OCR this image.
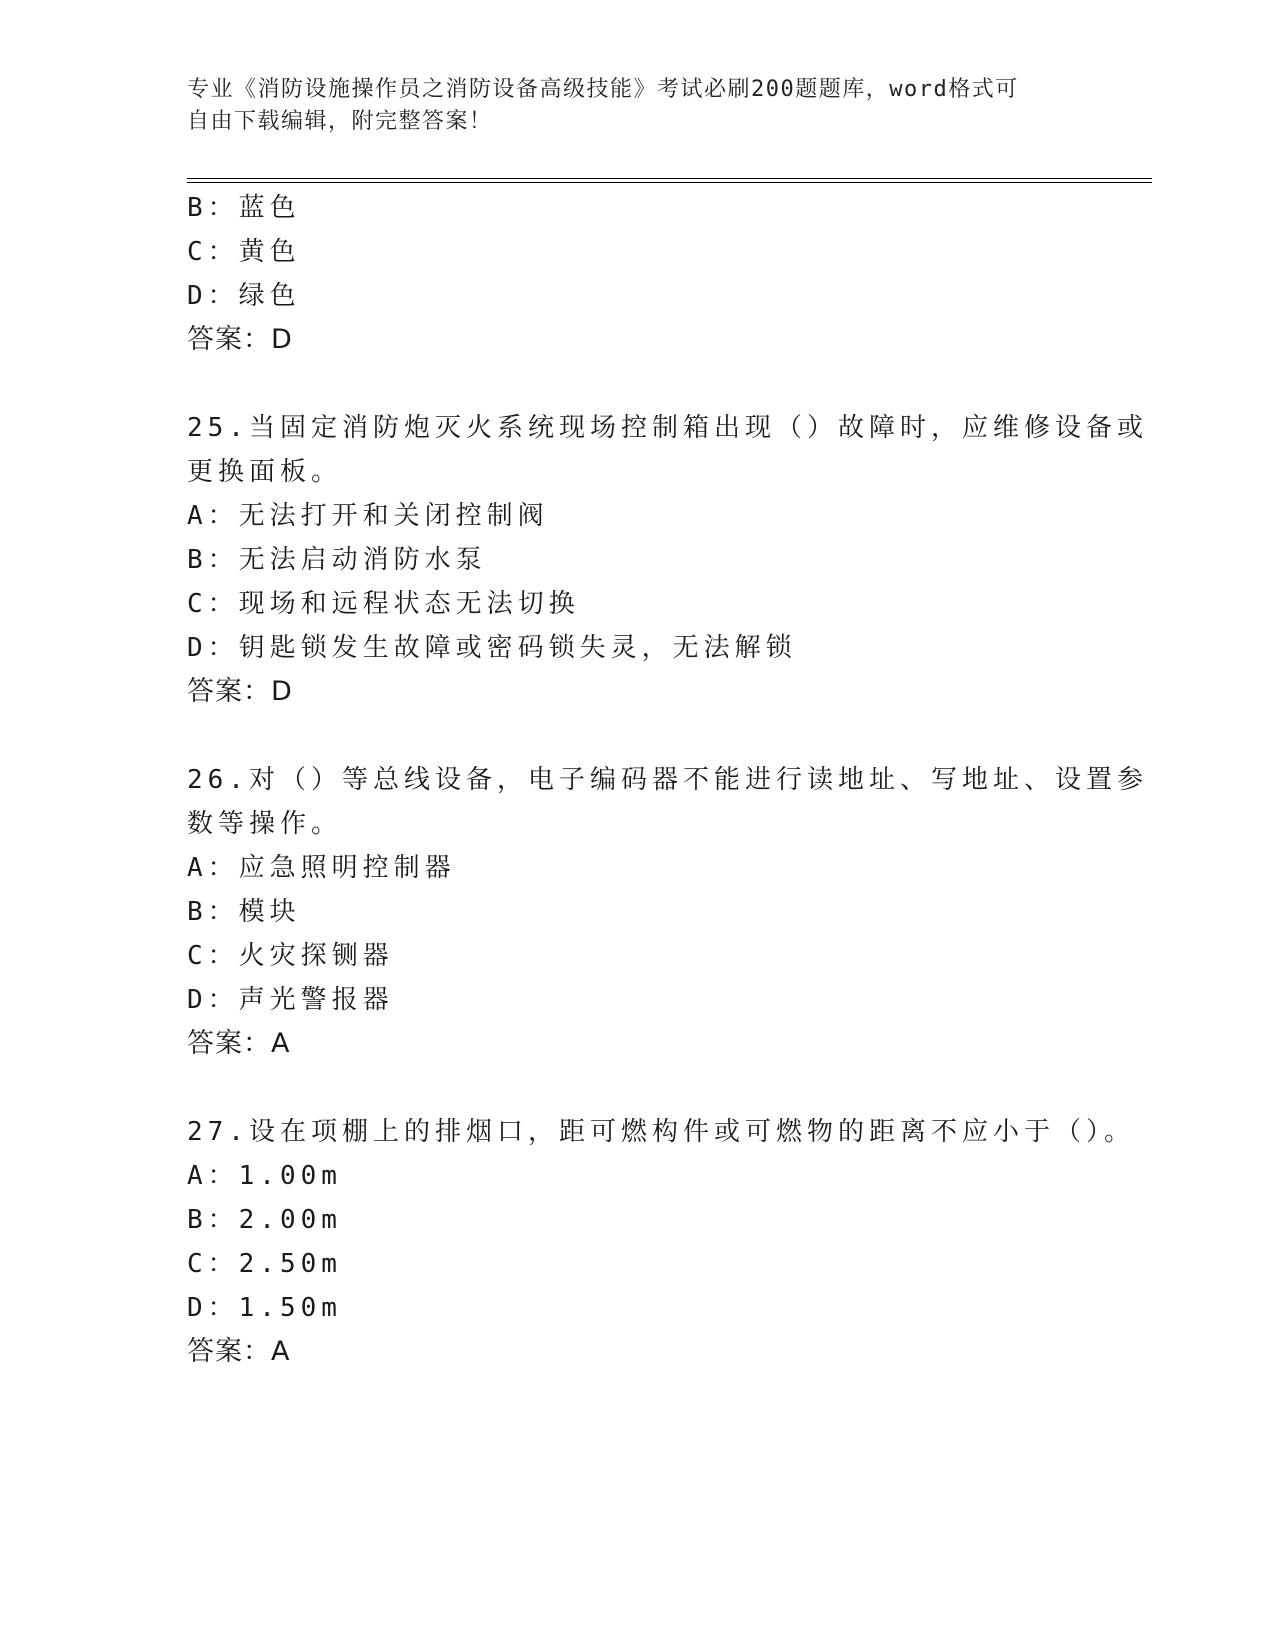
专业《消防设施操作员之消防设备高级技能》考试必刷200题题库，word格式可
自由下载编辑，附完整答案！
B：蓝色
C：黄色
D：绿色
答案：D
25.当固定消防炮灭火系统现场控制箱出现（）故障时，应维修设备或
更换面板。
A：无法打开和关闭控制阀
B：无法启动消防水泵
C：现场和远程状态无法切换
D：钥匙锁发生故障或密码锁失灵，无法解锁
答案：D
26.对（）等总线设备，电子编码器不能进行读地址、写地址、设置参
数等操作。
A：应急照明控制器
B：模块
C：火灾探铡器
D：声光警报器
答案：A
27.设在项棚上的排烟口，距可燃构件或可燃物的距离不应小于（）。
A：1.00m
B：2.00m
C：2.50m
D：1.50m
答案：A
